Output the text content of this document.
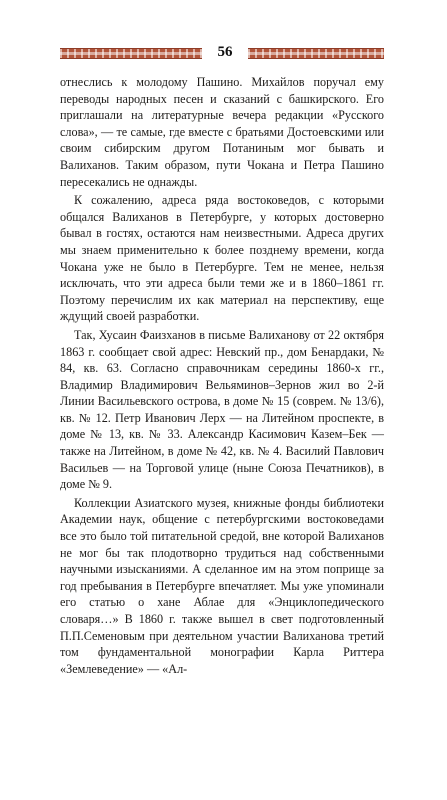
56

отнеслись к молодому Пашино. Михайлов поручал ему переводы народных песен и сказаний с башкирского. Его приглашали на литературные вечера редакции «Русского слова», — те самые, где вместе с братьями Достоевскими или своим сибирским другом Потаниным мог бывать и Валиханов. Таким образом, пути Чокана и Петра Пашино пересекались не однажды.

К сожалению, адреса ряда востоковедов, с которыми общался Валиханов в Петербурге, у которых достоверно бывал в гостях, остаются нам неизвестными. Адреса других мы знаем применительно к более позднему времени, когда Чокана уже не было в Петербурге. Тем не менее, нельзя исключать, что эти адреса были теми же и в 1860–1861 гг. Поэтому перечислим их как материал на перспективу, еще ждущий своей разработки.

Так, Хусаин Фаизханов в письме Валиханову от 22 октября 1863 г. сообщает свой адрес: Невский пр., дом Бенардаки, № 84, кв. 63. Согласно справочникам середины 1860-х гг., Владимир Владимирович Вельяминов–Зернов жил во 2-й Линии Васильевского острова, в доме № 15 (соврем. № 13/6), кв. № 12. Петр Иванович Лерх — на Литейном проспекте, в доме № 13, кв. № 33. Александр Касимович Казем–Бек — также на Литейном, в доме № 42, кв. № 4. Василий Павлович Васильев — на Торговой улице (ныне Союза Печатников), в доме № 9.

Коллекции Азиатского музея, книжные фонды библиотеки Академии наук, общение с петербургскими востоковедами все это было той питательной средой, вне которой Валиханов не мог бы так плодотворно трудиться над собственными научными изысканиями. А сделанное им на этом поприще за год пребывания в Петербурге впечатляет. Мы уже упоминали его статью о хане Аблае для «Энциклопедического словаря…» В 1860 г. также вышел в свет подготовленный П.П.Семеновым при деятельном участии Валиханова третий том фундаментальной монографии Карла Риттера «Землеведение» — «Ал-
